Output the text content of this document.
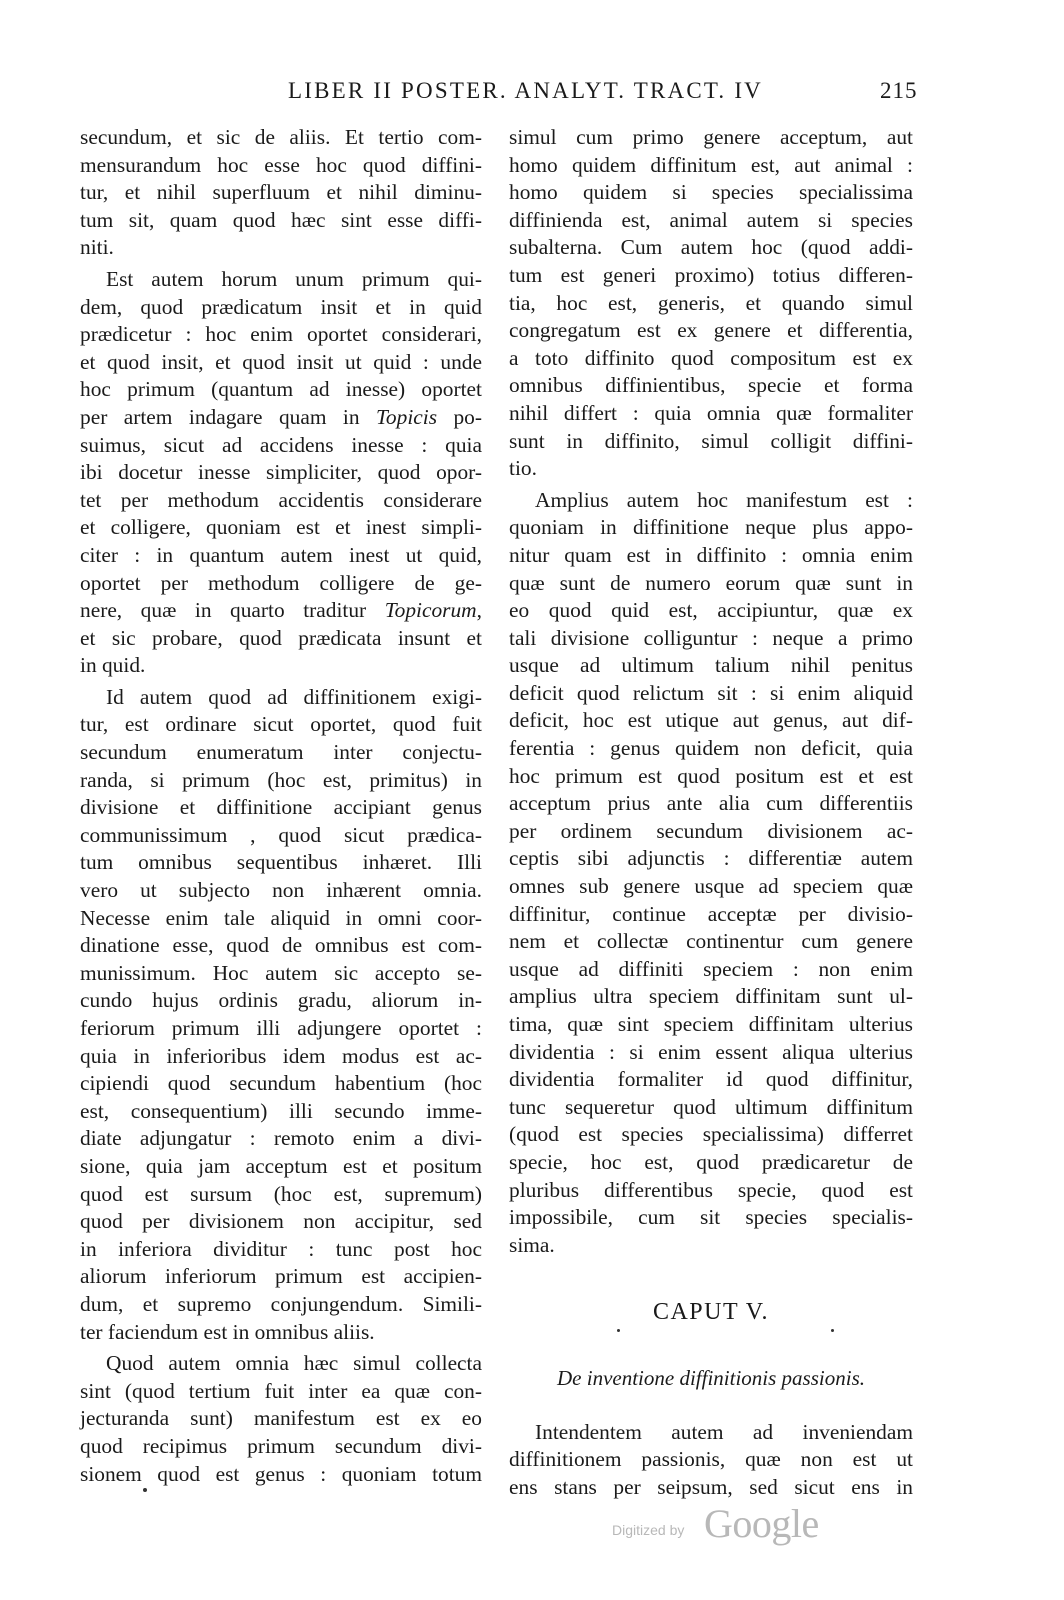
LIBER II POSTER. ANALYT. TRACT. IV	215

secundum, et sic de aliis. Et tertio com-
mensurandum hoc esse hoc quod diffini-
tur, et nihil superfluum et nihil diminu-
tum sit, quam quod hæc sint esse diffi-
niti.

Est autem horum unum primum qui-
dem, quod prædicatum insit et in quid
prædicetur : hoc enim oportet considerari,
et quod insit, et quod insit ut quid : unde
hoc primum (quantum ad inesse) oportet
per artem indagare quam in Topicis po-
suimus, sicut ad accidens inesse : quia
ibi docetur inesse simpliciter, quod opor-
tet per methodum accidentis considerare
et colligere, quoniam est et inest simpli-
citer : in quantum autem inest ut quid,
oportet per methodum colligere de ge-
nere, quæ in quarto traditur Topicorum,
et sic probare, quod prædicata insunt et
in quid.

Id autem quod ad diffinitionem exigi-
tur, est ordinare sicut oportet, quod fuit
secundum enumeratum inter conjectu-
randa, si primum (hoc est, primitus) in
divisione et diffinitione accipiant genus
communissimum , quod sicut prædica-
tum omnibus sequentibus inhæret. Illi
vero ut subjecto non inhærent omnia.
Necesse enim tale aliquid in omni coor-
dinatione esse, quod de omnibus est com-
munissimum. Hoc autem sic accepto se-
cundo hujus ordinis gradu, aliorum in-
feriorum primum illi adjungere oportet :
quia in inferioribus idem modus est ac-
cipiendi quod secundum habentium (hoc
est, consequentium) illi secundo imme-
diate adjungatur : remoto enim a divi-
sione, quia jam acceptum est et positum
quod est sursum (hoc est, supremum)
quod per divisionem non accipitur, sed
in inferiora dividitur : tunc post hoc
aliorum inferiorum primum est accipien-
dum, et supremo conjungendum. Simili-
ter faciendum est in omnibus aliis.

Quod autem omnia hæc simul collecta
sint (quod tertium fuit inter ea quæ con-
jecturanda sunt) manifestum est ex eo
quod recipimus primum secundum divi-
sionem quod est genus : quoniam totum

simul cum primo genere acceptum, aut
homo quidem diffinitum est, aut animal :
homo quidem si species specialissima
diffinienda est, animal autem si species
subalterna. Cum autem hoc (quod addi-
tum est generi proximo) totius differen-
tia, hoc est, generis, et quando simul
congregatum est ex genere et differentia,
a toto diffinito quod compositum est ex
omnibus diffinientibus, specie et forma
nihil differt : quia omnia quæ formaliter
sunt in diffinito, simul colligit diffini-
tio.

Amplius autem hoc manifestum est :
quoniam in diffinitione neque plus appo-
nitur quam est in diffinito : omnia enim
quæ sunt de numero eorum quæ sunt in
eo quod quid est, accipiuntur, quæ ex
tali divisione colliguntur : neque a primo
usque ad ultimum talium nihil penitus
deficit quod relictum sit : si enim aliquid
deficit, hoc est utique aut genus, aut dif-
ferentia : genus quidem non deficit, quia
hoc primum est quod positum est et est
acceptum prius ante alia cum differentiis
per ordinem secundum divisionem ac-
ceptis sibi adjunctis : differentiæ autem
omnes sub genere usque ad speciem quæ
diffinitur, continue acceptæ per divisio-
nem et collectæ continentur cum genere
usque ad diffiniti speciem : non enim
amplius ultra speciem diffinitam sunt ul-
tima, quæ sint speciem diffinitam ulterius
dividentia : si enim essent aliqua ulterius
dividentia formaliter id quod diffinitur,
tunc sequeretur quod ultimum diffinitum
(quod est species specialissima) differret
specie, hoc est, quod prædicaretur de
pluribus differentibus specie, quod est
impossibile, cum sit species specialis-
sima.

CAPUT V.
De inventione diffinitionis passionis.

Intendentem autem ad inveniendam
diffinitionem passionis, quæ non est ut
ens stans per seipsum, sed sicut ens in

Digitized by Google
